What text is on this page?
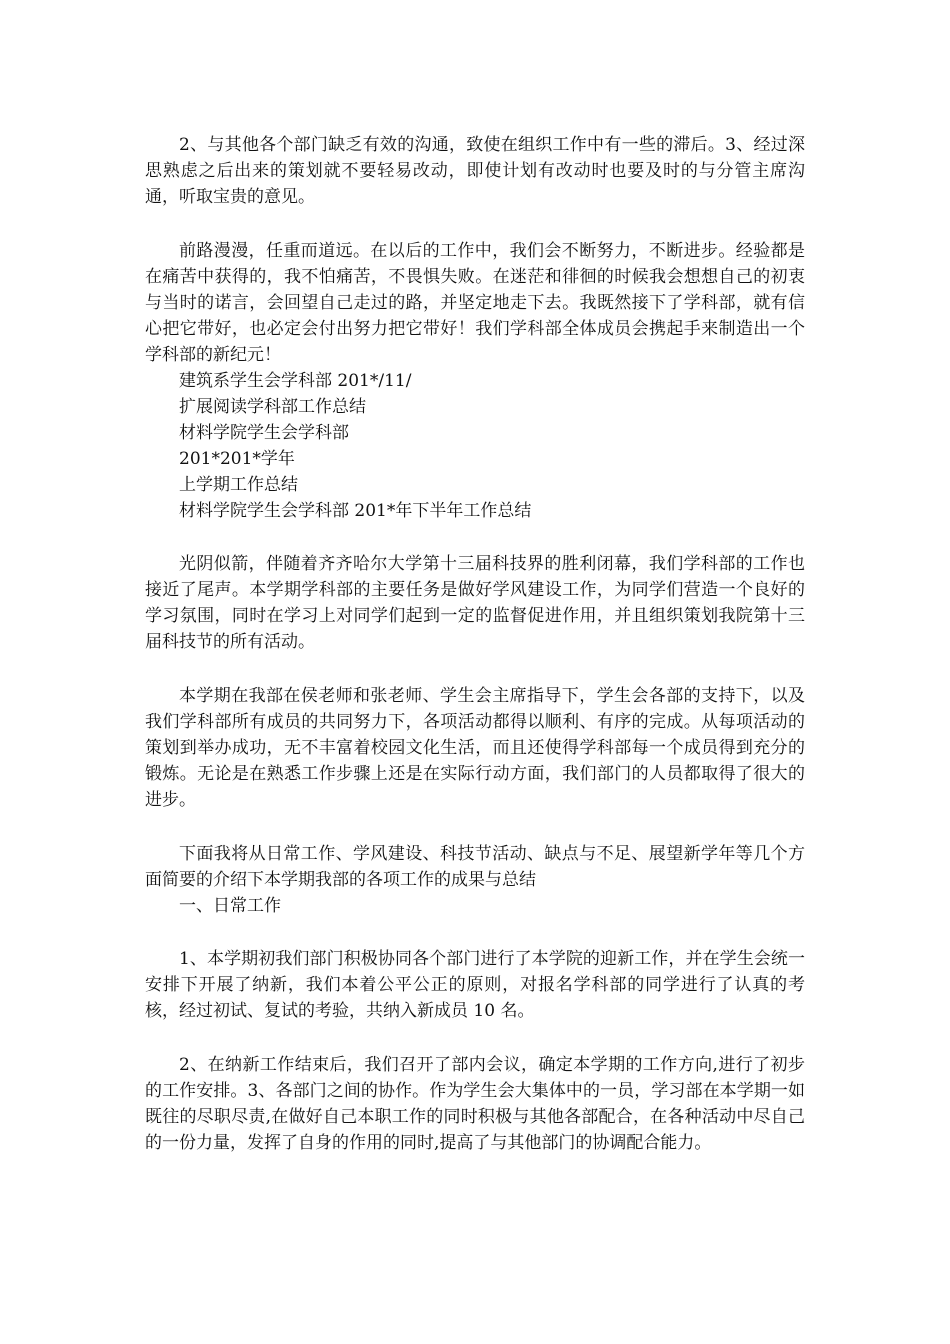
2、与其他各个部门缺乏有效的沟通，致使在组织工作中有一些的滞后。3、经过深思熟虑之后出来的策划就不要轻易改动，即使计划有改动时也要及时的与分管主席沟通，听取宝贵的意见。

前路漫漫，任重而道远。在以后的工作中，我们会不断努力，不断进步。经验都是在痛苦中获得的，我不怕痛苦，不畏惧失败。在迷茫和徘徊的时候我会想想自己的初衷与当时的诺言，会回望自己走过的路，并坚定地走下去。我既然接下了学科部，就有信心把它带好，也必定会付出努力把它带好！我们学科部全体成员会携起手来制造出一个学科部的新纪元！

建筑系学生会学科部 201*/11/

扩展阅读学科部工作总结

材料学院学生会学科部

201*201*学年

上学期工作总结

材料学院学生会学科部 201*年下半年工作总结

光阴似箭，伴随着齐齐哈尔大学第十三届科技界的胜利闭幕，我们学科部的工作也接近了尾声。本学期学科部的主要任务是做好学风建设工作，为同学们营造一个良好的学习氛围，同时在学习上对同学们起到一定的监督促进作用，并且组织策划我院第十三届科技节的所有活动。

本学期在我部在侯老师和张老师、学生会主席指导下，学生会各部的支持下，以及我们学科部所有成员的共同努力下，各项活动都得以顺利、有序的完成。从每项活动的策划到举办成功，无不丰富着校园文化生活，而且还使得学科部每一个成员得到充分的锻炼。无论是在熟悉工作步骤上还是在实际行动方面，我们部门的人员都取得了很大的进步。

下面我将从日常工作、学风建设、科技节活动、缺点与不足、展望新学年等几个方面简要的介绍下本学期我部的各项工作的成果与总结

一、日常工作

1、本学期初我们部门积极协同各个部门进行了本学院的迎新工作，并在学生会统一安排下开展了纳新，我们本着公平公正的原则，对报名学科部的同学进行了认真的考核，经过初试、复试的考验，共纳入新成员 10 名。

2、在纳新工作结束后，我们召开了部内会议，确定本学期的工作方向,进行了初步的工作安排。3、各部门之间的协作。作为学生会大集体中的一员，学习部在本学期一如既往的尽职尽责,在做好自己本职工作的同时积极与其他各部配合，在各种活动中尽自己的一份力量，发挥了自身的作用的同时,提高了与其他部门的协调配合能力。
